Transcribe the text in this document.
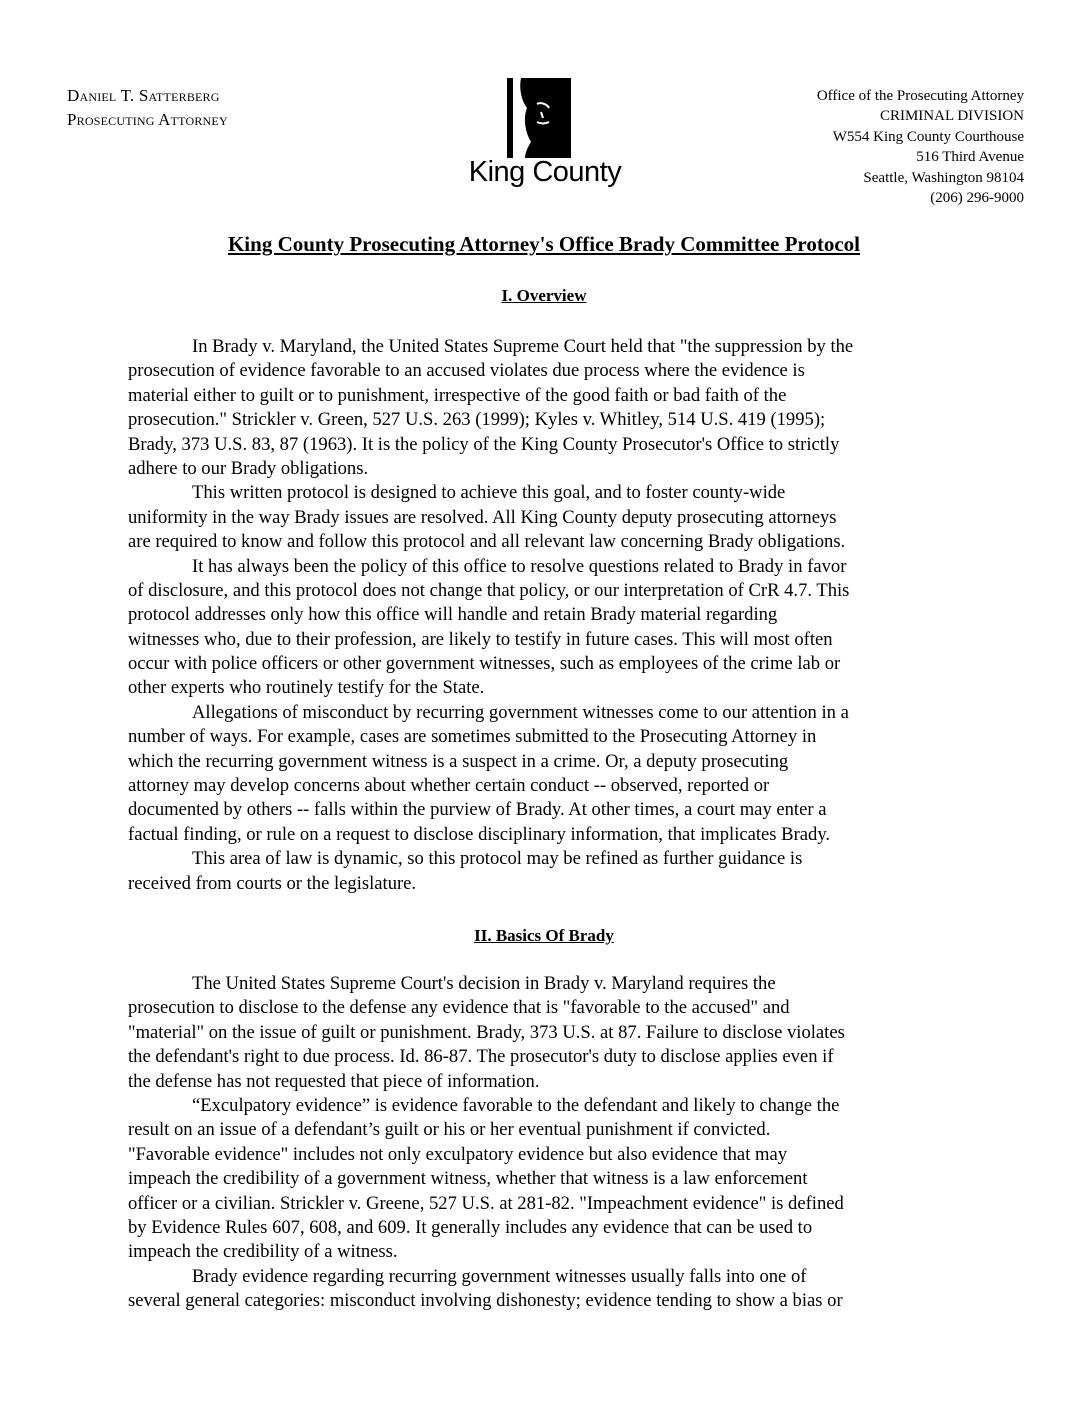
Daniel T. Satterberg
Prosecuting Attorney
King County
Office of the Prosecuting Attorney
CRIMINAL DIVISION
W554 King County Courthouse
516 Third Avenue
Seattle, Washington 98104
(206) 296-9000
King County Prosecuting Attorney's Office Brady Committee Protocol
I. Overview
In Brady v. Maryland, the United States Supreme Court held that "the suppression by the
prosecution of evidence favorable to an accused violates due process where the evidence is
material either to guilt or to punishment, irrespective of the good faith or bad faith of the
prosecution." Strickler v. Green, 527 U.S. 263 (1999); Kyles v. Whitley, 514 U.S. 419 (1995);
Brady, 373 U.S. 83, 87 (1963). It is the policy of the King County Prosecutor's Office to strictly
adhere to our Brady obligations.
This written protocol is designed to achieve this goal, and to foster county-wide
uniformity in the way Brady issues are resolved. All King County deputy prosecuting attorneys
are required to know and follow this protocol and all relevant law concerning Brady obligations.
It has always been the policy of this office to resolve questions related to Brady in favor
of disclosure, and this protocol does not change that policy, or our interpretation of CrR 4.7. This
protocol addresses only how this office will handle and retain Brady material regarding
witnesses who, due to their profession, are likely to testify in future cases. This will most often
occur with police officers or other government witnesses, such as employees of the crime lab or
other experts who routinely testify for the State.
Allegations of misconduct by recurring government witnesses come to our attention in a
number of ways. For example, cases are sometimes submitted to the Prosecuting Attorney in
which the recurring government witness is a suspect in a crime. Or, a deputy prosecuting
attorney may develop concerns about whether certain conduct -- observed, reported or
documented by others -- falls within the purview of Brady. At other times, a court may enter a
factual finding, or rule on a request to disclose disciplinary information, that implicates Brady.
This area of law is dynamic, so this protocol may be refined as further guidance is
received from courts or the legislature.
II. Basics Of Brady
The United States Supreme Court's decision in Brady v. Maryland requires the
prosecution to disclose to the defense any evidence that is "favorable to the accused" and
"material" on the issue of guilt or punishment. Brady, 373 U.S. at 87. Failure to disclose violates
the defendant's right to due process. Id. 86-87. The prosecutor's duty to disclose applies even if
the defense has not requested that piece of information.
“Exculpatory evidence” is evidence favorable to the defendant and likely to change the
result on an issue of a defendant’s guilt or his or her eventual punishment if convicted.
"Favorable evidence" includes not only exculpatory evidence but also evidence that may
impeach the credibility of a government witness, whether that witness is a law enforcement
officer or a civilian. Strickler v. Greene, 527 U.S. at 281-82. "Impeachment evidence" is defined
by Evidence Rules 607, 608, and 609. It generally includes any evidence that can be used to
impeach the credibility of a witness.
Brady evidence regarding recurring government witnesses usually falls into one of
several general categories: misconduct involving dishonesty; evidence tending to show a bias or
